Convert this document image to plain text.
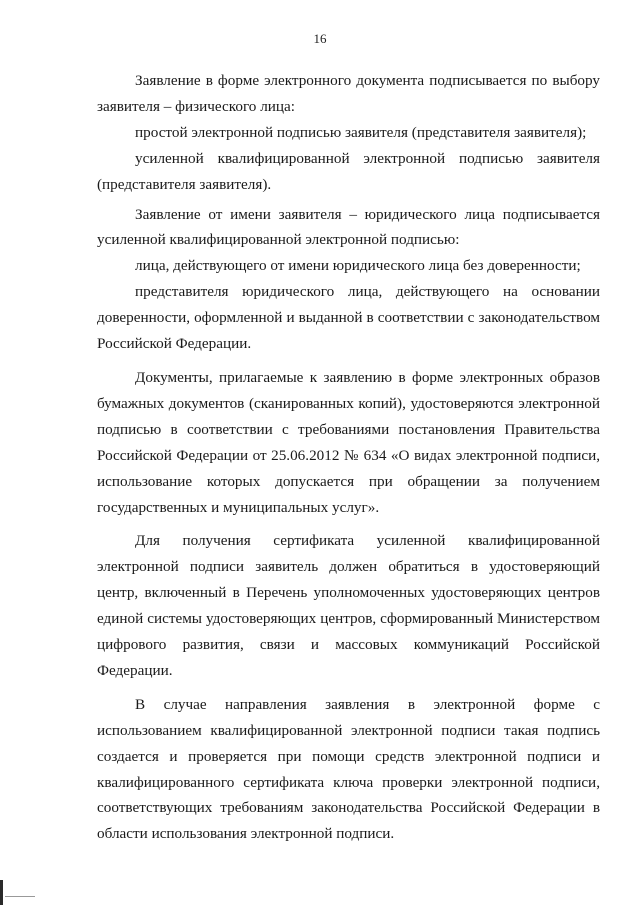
16

Заявление в форме электронного документа подписывается по выбору заявителя – физического лица:

простой электронной подписью заявителя (представителя заявителя);

усиленной квалифицированной электронной подписью заявителя (представителя заявителя).

Заявление от имени заявителя – юридического лица подписывается усиленной квалифицированной электронной подписью:

лица, действующего от имени юридического лица без доверенности;

представителя юридического лица, действующего на основании доверенности, оформленной и выданной в соответствии с законодательством Российской Федерации.

Документы, прилагаемые к заявлению в форме электронных образов бумажных документов (сканированных копий), удостоверяются электронной подписью в соответствии с требованиями постановления Правительства Российской Федерации от 25.06.2012 № 634 «О видах электронной подписи, использование которых допускается при обращении за получением государственных и муниципальных услуг».

Для получения сертификата усиленной квалифицированной электронной подписи заявитель должен обратиться в удостоверяющий центр, включенный в Перечень уполномоченных удостоверяющих центров единой системы удостоверяющих центров, сформированный Министерством цифрового развития, связи и массовых коммуникаций Российской Федерации.

В случае направления заявления в электронной форме с использованием квалифицированной электронной подписи такая подпись создается и проверяется при помощи средств электронной подписи и квалифицированного сертификата ключа проверки электронной подписи, соответствующих требованиям законодательства Российской Федерации в области использования электронной подписи.
